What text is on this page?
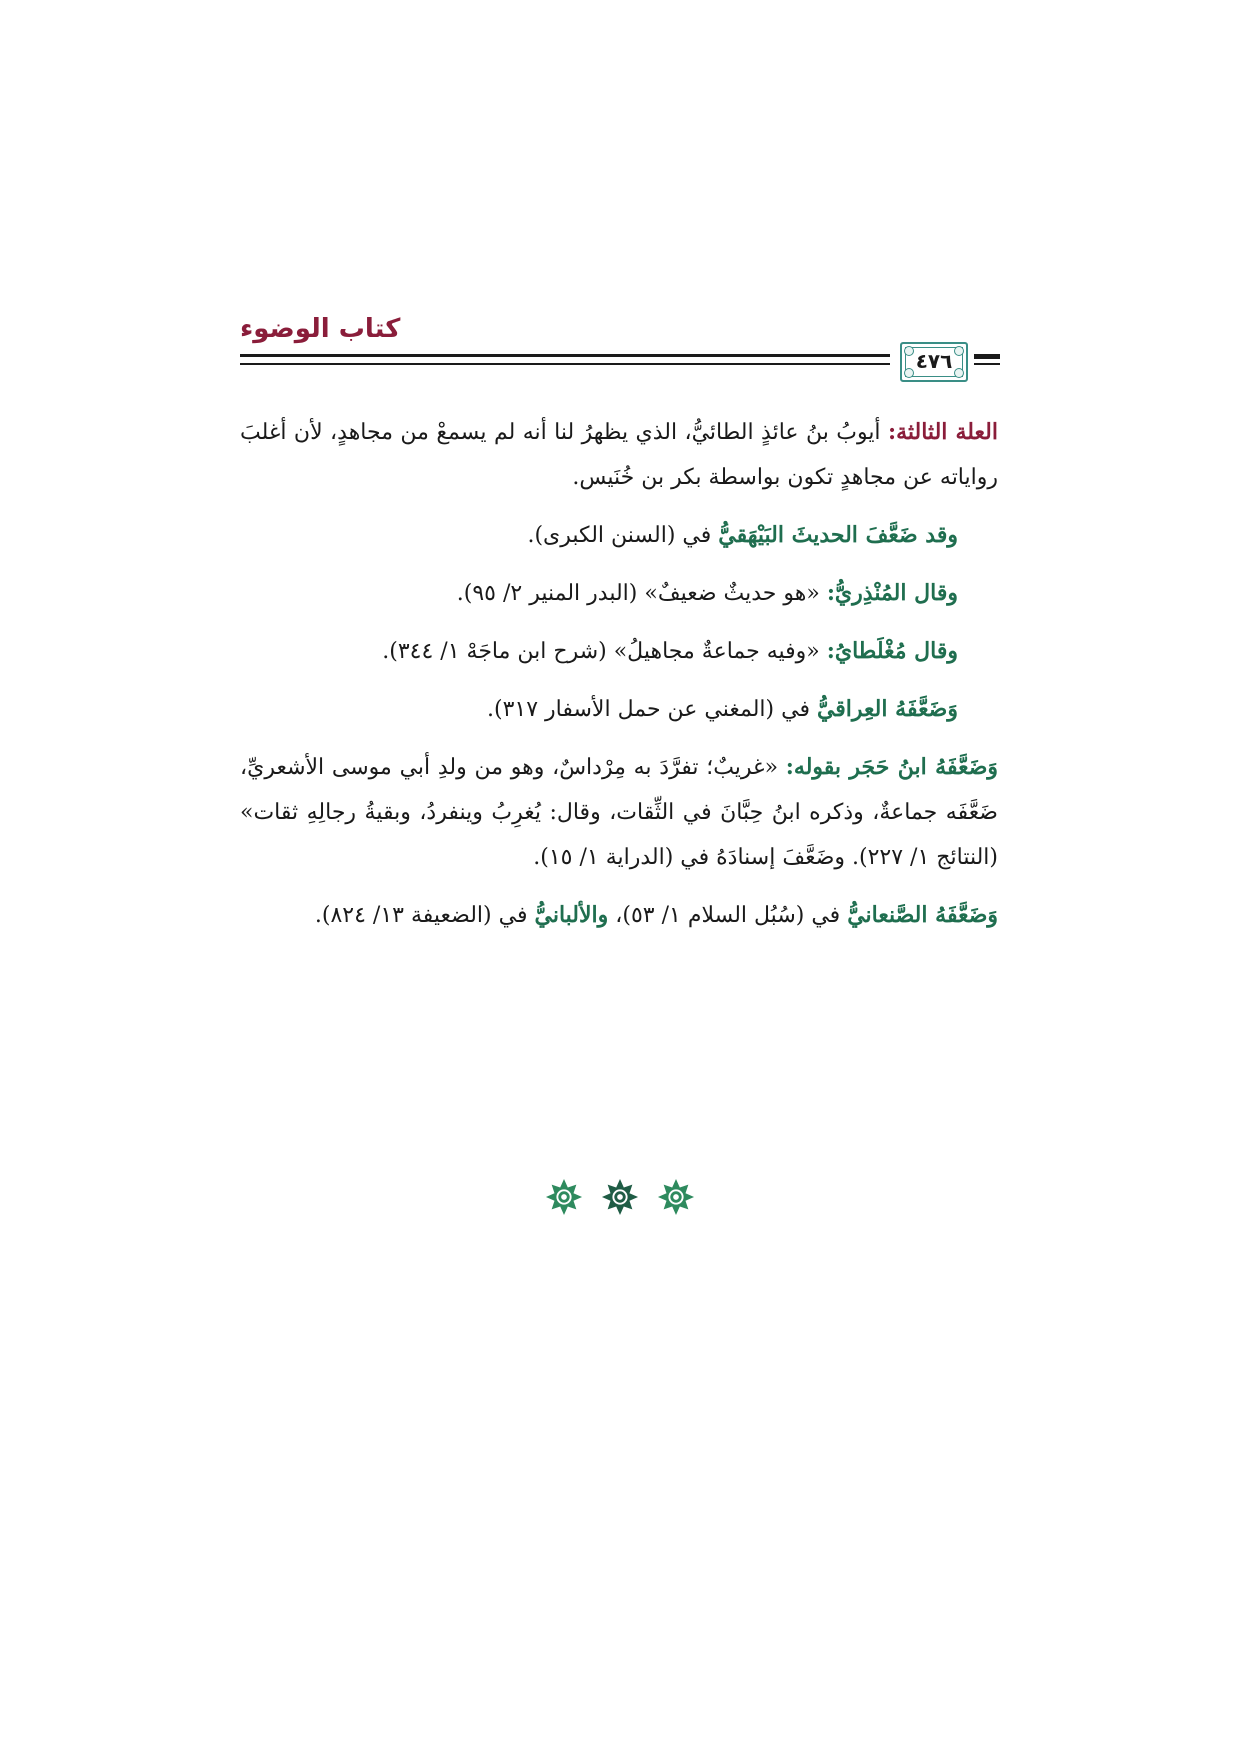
٤٧٦
كتاب الوضوء

العلة الثالثة: أيوبُ بنُ عائذٍ الطائيُّ، الذي يظهرُ لنا أنه لم يسمعْ من مجاهدٍ، لأن أغلبَ رواياته عن مجاهدٍ تكون بواسطة بكر بن خُنَيس.

وقد ضَعَّفَ الحديثَ البَيْهَقيُّ في (السنن الكبرى).

وقال المُنْذِريُّ: «هو حديثٌ ضعيفٌ» (البدر المنير ٢/ ٩٥).

وقال مُغْلَطايُ: «وفيه جماعةٌ مجاهيلُ» (شرح ابن ماجَهْ ١/ ٣٤٤).

وَضَعَّفَهُ العِراقيُّ في (المغني عن حمل الأسفار ٣١٧).

وَضَعَّفَهُ ابنُ حَجَر بقوله: «غريبٌ؛ تفرَّدَ به مِرْداسٌ، وهو من ولدِ أبي موسى الأشعريِّ، ضَعَّفَه جماعةٌ، وذكره ابنُ حِبَّانَ في الثِّقات، وقال: يُغرِبُ وينفردُ، وبقيةُ رجالِهِ ثقات» (النتائج ١/ ٢٢٧). وضَعَّفَ إسنادَهُ في (الدراية ١/ ١٥).

وَضَعَّفَهُ الصَّنعانيُّ في (سُبُل السلام ١/ ٥٣)، والألبانيُّ في (الضعيفة ١٣/ ٨٢٤).
